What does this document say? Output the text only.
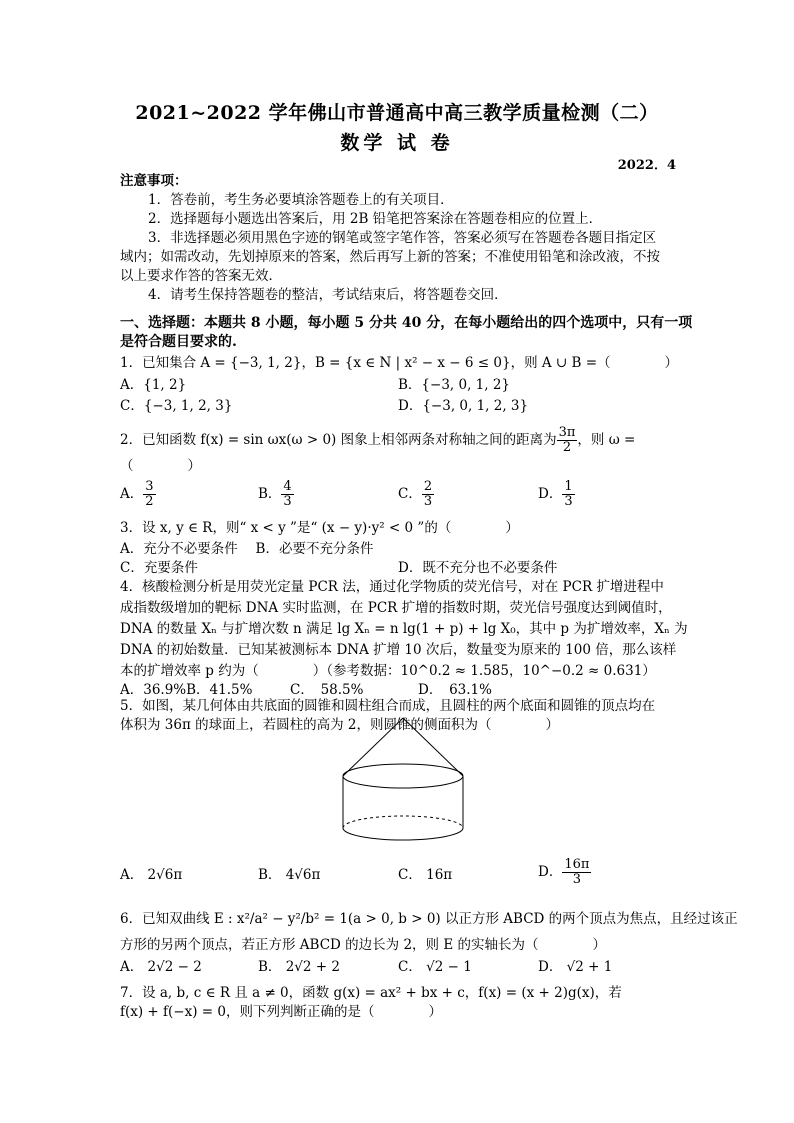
2021~2022 学年佛山市普通高中高三教学质量检测（二）
数学 试 卷
2022．4
注意事项：
1．答卷前，考生务必要填涂答题卷上的有关项目．
2．选择题每小题选出答案后，用 2B 铅笔把答案涂在答题卷相应的位置上．
3．非选择题必须用黑色字迹的钢笔或签字笔作答，答案必须写在答题卷各题目指定区
域内；如需改动，先划掉原来的答案，然后再写上新的答案；不准使用铅笔和涂改液，不按
以上要求作答的答案无效．
4．请考生保持答题卷的整洁，考试结束后，将答题卷交回．
一、选择题：本题共 8 小题，每小题 5 分共 40 分，在每小题给出的四个选项中，只有一项
是符合题目要求的.
1．已知集合 A = {−3, 1, 2}，B = {x ∈ N | x² − x − 6 ≤ 0}，则 A ∪ B =（　　　　）
A．{1, 2}	B．{−3, 0, 1, 2}
C．{−3, 1, 2, 3}	D．{−3, 0, 1, 2, 3}
2．已知函数 f(x) = sin ωx(ω > 0) 图象上相邻两条对称轴之间的距离为 $\frac{3\pi}{2}$ ，则 ω =
（　　　　）
A． $\frac{3}{2}$	B． $\frac{4}{3}$	C． $\frac{2}{3}$	D． $\frac{1}{3}$
3．设 x, y ∈ R，则“ x < y ”是“ (x − y)·y² < 0 ”的（　　　　）
A．充分不必要条件　 B．必要不充分条件
C．充要条件	D．既不充分也不必要条件
4．核酸检测分析是用荧光定量 PCR 法，通过化学物质的荧光信号，对在 PCR 扩增进程中
成指数级增加的靶标 DNA 实时监测，在 PCR 扩增的指数时期，荧光信号强度达到阈值时，
DNA 的数量 Xₙ 与扩增次数 n 满足 lg Xₙ = n lg(1 + p) + lg X₀，其中 p 为扩增效率，Xₙ 为
DNA 的初始数量．已知某被测标本 DNA 扩增 10 次后，数量变为原来的 100 倍，那么该样
本的扩增效率 p 约为（　　　　）（参考数据：10^0.2 ≈ 1.585，10^−0.2 ≈ 0.631）
A．36.9%B．41.5%	C．　58.5%	D．　63.1%
5．如图，某几何体由共底面的圆锥和圆柱组合而成，且圆柱的两个底面和圆锥的顶点均在
体积为 36π 的球面上，若圆柱的高为 2，则圆锥的侧面积为（　　　　）
A． 2√6π	B． 4√6π	C． 16π	D． $\frac{16\pi}{3}$
6．已知双曲线 E : x²/a² − y²/b² = 1(a > 0, b > 0) 以正方形 ABCD 的两个顶点为焦点，且经过该正
方形的另两个顶点，若正方形 ABCD 的边长为 2，则 E 的实轴长为（　　　　）
A． 2√2 − 2	B． 2√2 + 2	C． √2 − 1	D． √2 + 1
7．设 a, b, c ∈ R 且 a ≠ 0，函数 g(x) = ax² + bx + c，f(x) = (x + 2)g(x)，若
f(x) + f(−x) = 0，则下列判断正确的是（　　　　）
